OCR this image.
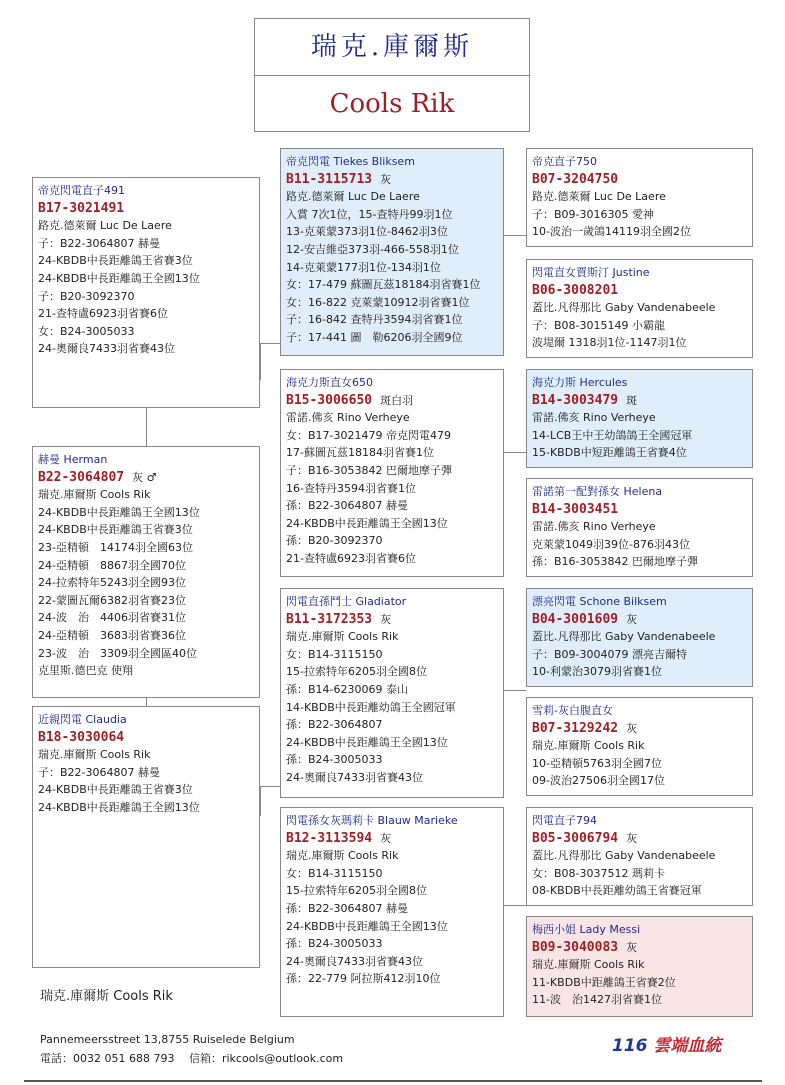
瑞克.庫爾斯
Cools Rik
帝克閃電直子491
B17-3021491
路克.德萊爾 Luc De Laere
子：B22-3064807 赫曼
24-KBDB中長距離鴿王省賽3位
24-KBDB中長距離鴿王全國13位
子：B20-3092370
21-查特盧6923羽省賽6位
女：B24-3005033
24-奧爾良7433羽省賽43位
赫曼 Herman
B22-3064807 灰 ♂
瑞克.庫爾斯 Cools Rik
24-KBDB中長距離鴿王全國13位
24-KBDB中長距離鴿王省賽3位
23-亞精頓　14174羽全國63位
24-亞精頓　8867羽全國70位
24-拉索特年5243羽全國93位
22-蒙圖瓦爾6382羽省賽23位
24-波　治　4406羽省賽31位
24-亞精頓　3683羽省賽36位
23-波　治　3309羽全國區40位
克里斯.德巴克 使翔
近親閃電 Claudia
B18-3030064
瑞克.庫爾斯 Cools Rik
子：B22-3064807 赫曼
24-KBDB中長距離鴿王省賽3位
24-KBDB中長距離鴿王全國13位
帝克閃電 Tiekes Bliksem
B11-3115713 灰
路克.德萊爾 Luc De Laere
入賞 7次1位，15-查特丹99羽1位
13-克萊蒙373羽1位-8462羽3位
12-安吉維亞373羽-466-558羽1位
14-克萊蒙177羽1位-134羽1位
女：17-479 蘇圖瓦茲18184羽省賽1位
女：16-822 克萊蒙10912羽省賽1位
子：16-842 查特丹3594羽省賽1位
子：17-441 圖　勒6206羽全國9位
海克力斯直女650
B15-3006650 斑白羽
雷諾.佛亥 Rino Verheye
女：B17-3021479 帝克閃電479
17-蘇圖瓦茲18184羽省賽1位
子：B16-3053842 巴爾地摩子彈
16-查特丹3594羽省賽1位
孫：B22-3064807 赫曼
24-KBDB中長距離鴿王全國13位
孫：B20-3092370
21-查特盧6923羽省賽6位
閃電直孫鬥士 Gladiator
B11-3172353 灰
瑞克.庫爾斯 Cools Rik
女：B14-3115150
15-拉索特年6205羽全國8位
孫：B14-6230069 泰山
14-KBDB中長距離幼鴿王全國冠軍
孫：B22-3064807
24-KBDB中長距離鴿王全國13位
孫：B24-3005033
24-奧爾良7433羽省賽43位
閃電孫女灰瑪莉卡 Blauw Marieke
B12-3113594 灰
瑞克.庫爾斯 Cools Rik
女：B14-3115150
15-拉索特年6205羽全國8位
孫：B22-3064807 赫曼
24-KBDB中長距離鴿王全國13位
孫：B24-3005033
24-奧爾良7433羽省賽43位
孫：22-779 阿拉斯412羽10位
帝克直子750
B07-3204750
路克.德萊爾 Luc De Laere
子：B09-3016305 愛神
10-波治一歲鴿14119羽全國2位
閃電直女賈斯汀 Justine
B06-3008201
蓋比.凡得那比 Gaby Vandenabeele
子：B08-3015149 小霸龍
波堤爾 1318羽1位-1147羽1位
海克力斯 Hercules
B14-3003479 斑
雷諾.佛亥 Rino Verheye
14-LCB王中王幼鴿鴿王全國冠軍
15-KBDB中短距離鴿王省賽4位
雷諾第一配對孫女 Helena
B14-3003451
雷諾.佛亥 Rino Verheye
克萊蒙1049羽39位-876羽43位
孫：B16-3053842 巴爾地摩子彈
漂亮閃電 Schone Bilksem
B04-3001609 灰
蓋比.凡得那比 Gaby Vandenabeele
子：B09-3004079 漂亮吉爾特
10-利蒙治3079羽省賽1位
雪莉-灰白腹直女
B07-3129242 灰
瑞克.庫爾斯 Cools Rik
10-亞精頓5763羽全國7位
09-波治27506羽全國17位
閃電直子794
B05-3006794 灰
蓋比.凡得那比 Gaby Vandenabeele
女：B08-3037512 瑪莉卡
08-KBDB中長距離幼鴿王省賽冠軍
梅西小姐 Lady Messi
B09-3040083 灰
瑞克.庫爾斯 Cools Rik
11-KBDB中距離鴿王省賽2位
11-波　治1427羽省賽1位
瑞克.庫爾斯 Cools Rik
Pannemeersstreet 13,8755 Ruiselede Belgium
電話：0032 051 688 793　 信箱：rikcools@outlook.com
116 雲端血統
